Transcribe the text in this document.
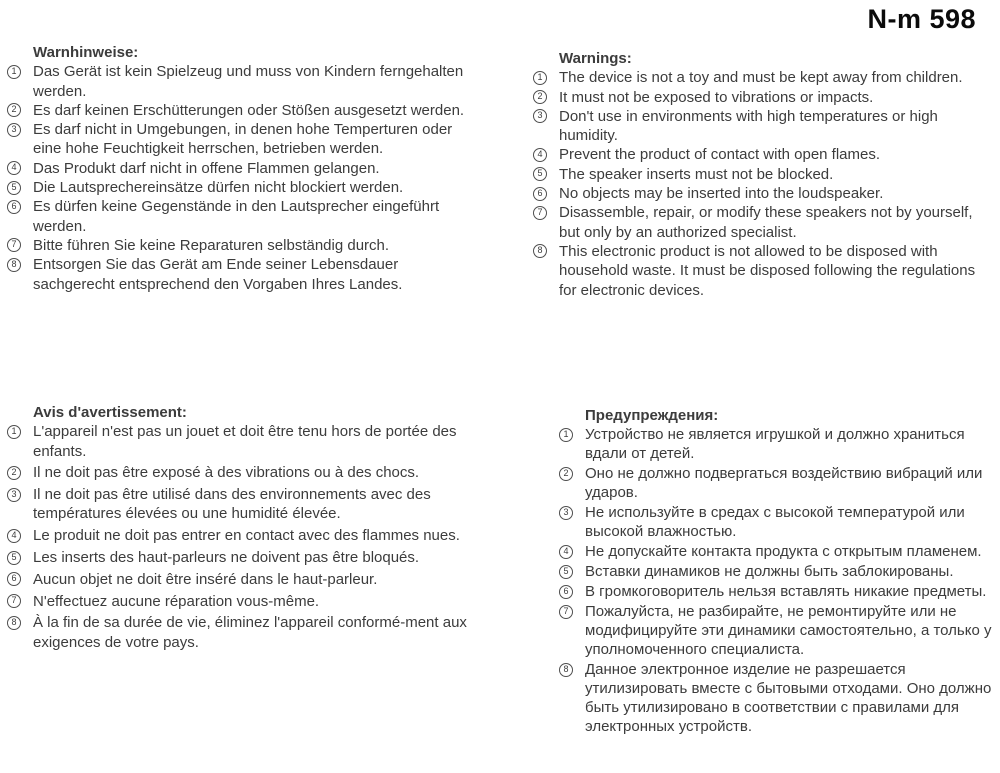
N-m 598
Warnhinweise:
1	Das Gerät ist kein Spielzeug und muss von Kindern ferngehalten werden.
2	Es darf keinen Erschütterungen oder Stößen ausgesetzt werden.
3	Es darf nicht in Umgebungen, in denen hohe Temperturen oder eine hohe Feuchtigkeit herrschen, betrieben werden.
4	Das Produkt darf nicht in offene Flammen gelangen.
5	Die Lautsprechereinsätze dürfen nicht blockiert werden.
6	Es dürfen keine Gegenstände in den Lautsprecher eingeführt werden.
7	Bitte führen Sie keine Reparaturen selbständig durch.
8	Entsorgen Sie das Gerät am Ende seiner Lebensdauer sachgerecht entsprechend den Vorgaben Ihres Landes.
Warnings:
1	The device is not a toy and must be kept away from children.
2	It must not be exposed to vibrations or impacts.
3	Don't use in environments with high temperatures or high humidity.
4	Prevent the product of contact with open flames.
5	The speaker inserts must not be blocked.
6	No objects may be inserted into the loudspeaker.
7	Disassemble, repair, or modify these speakers not by yourself, but only by an authorized specialist.
8	This electronic product is not allowed to be disposed with household waste. It must be disposed following the regulations for electronic devices.
Avis d'avertissement:
1	L'appareil n'est pas un jouet et doit être tenu hors de portée des enfants.
2	Il ne doit pas être exposé à des vibrations ou à des chocs.
3	Il ne doit pas être utilisé dans des environnements avec des températures élevées ou une humidité élevée.
4	Le produit ne doit pas entrer en contact avec des flammes nues.
5	Les inserts des haut-parleurs ne doivent pas être bloqués.
6	Aucun objet ne doit être inséré dans le haut-parleur.
7	N'effectuez aucune réparation vous-même.
8	À la fin de sa durée de vie, éliminez l'appareil conformé-ment aux exigences de votre pays.
Предупреждения:
1	Устройство не является игрушкой и должно храниться вдали от детей.
2	Оно не должно подвергаться воздействию вибраций или ударов.
3	Не используйте в средах с высокой температурой или высокой влажностью.
4	Не допускайте контакта продукта с открытым пламенем.
5	Вставки динамиков не должны быть заблокированы.
6	В громкоговоритель нельзя вставлять никакие предметы.
7	Пожалуйста, не разбирайте, не ремонтируйте или не модифицируйте эти динамики самостоятельно, а только у уполномоченного специалиста.
8	Данное электронное изделие не разрешается утилизировать вместе с бытовыми отходами. Оно должно быть утилизировано в соответствии с правилами для электронных устройств.
